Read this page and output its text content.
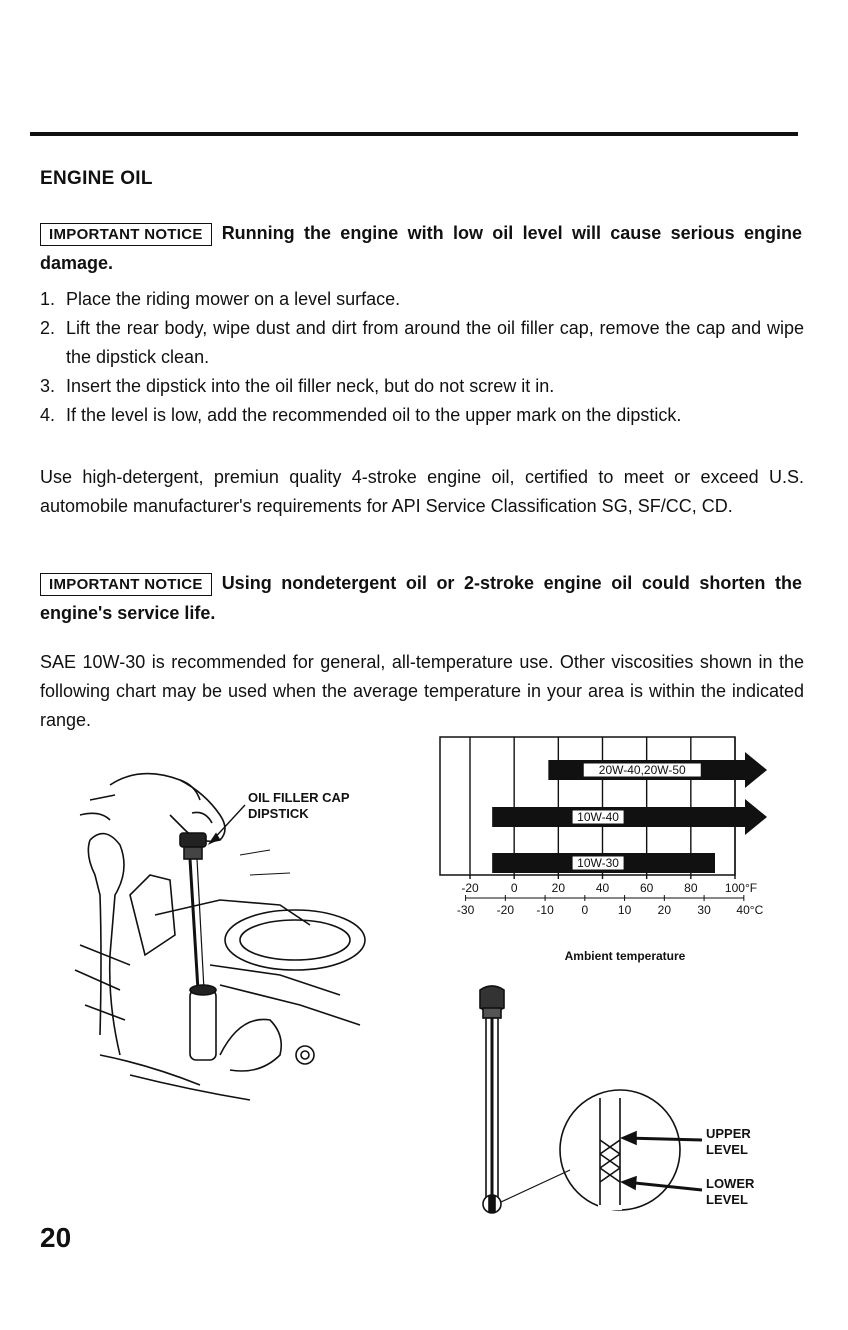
ENGINE OIL
IMPORTANT NOTICE Running the engine with low oil level will cause serious engine damage.
1. Place the riding mower on a level surface.
2. Lift the rear body, wipe dust and dirt from around the oil filler cap, remove the cap and wipe the dipstick clean.
3. Insert the dipstick into the oil filler neck, but do not screw it in.
4. If the level is low, add the recommended oil to the upper mark on the dipstick.
Use high-detergent, premiun quality 4-stroke engine oil, certified to meet or exceed U.S. automobile manufacturer's requirements for API Service Classification SG, SF/CC, CD.
IMPORTANT NOTICE Using nondetergent oil or 2-stroke engine oil could shorten the engine's service life.
SAE 10W-30 is recommended for general, all-temperature use. Other viscosities shown in the following chart may be used when the average temperature in your area is within the indicated range.
OIL FILLER CAP
DIPSTICK
20W-40,20W-50
10W-40
10W-30
-20	0	20	40	60	80 100°F
-30 -20 -10 0 10 20 30 40°C
Ambient temperature
UPPER
LEVEL
LOWER
LEVEL
20
